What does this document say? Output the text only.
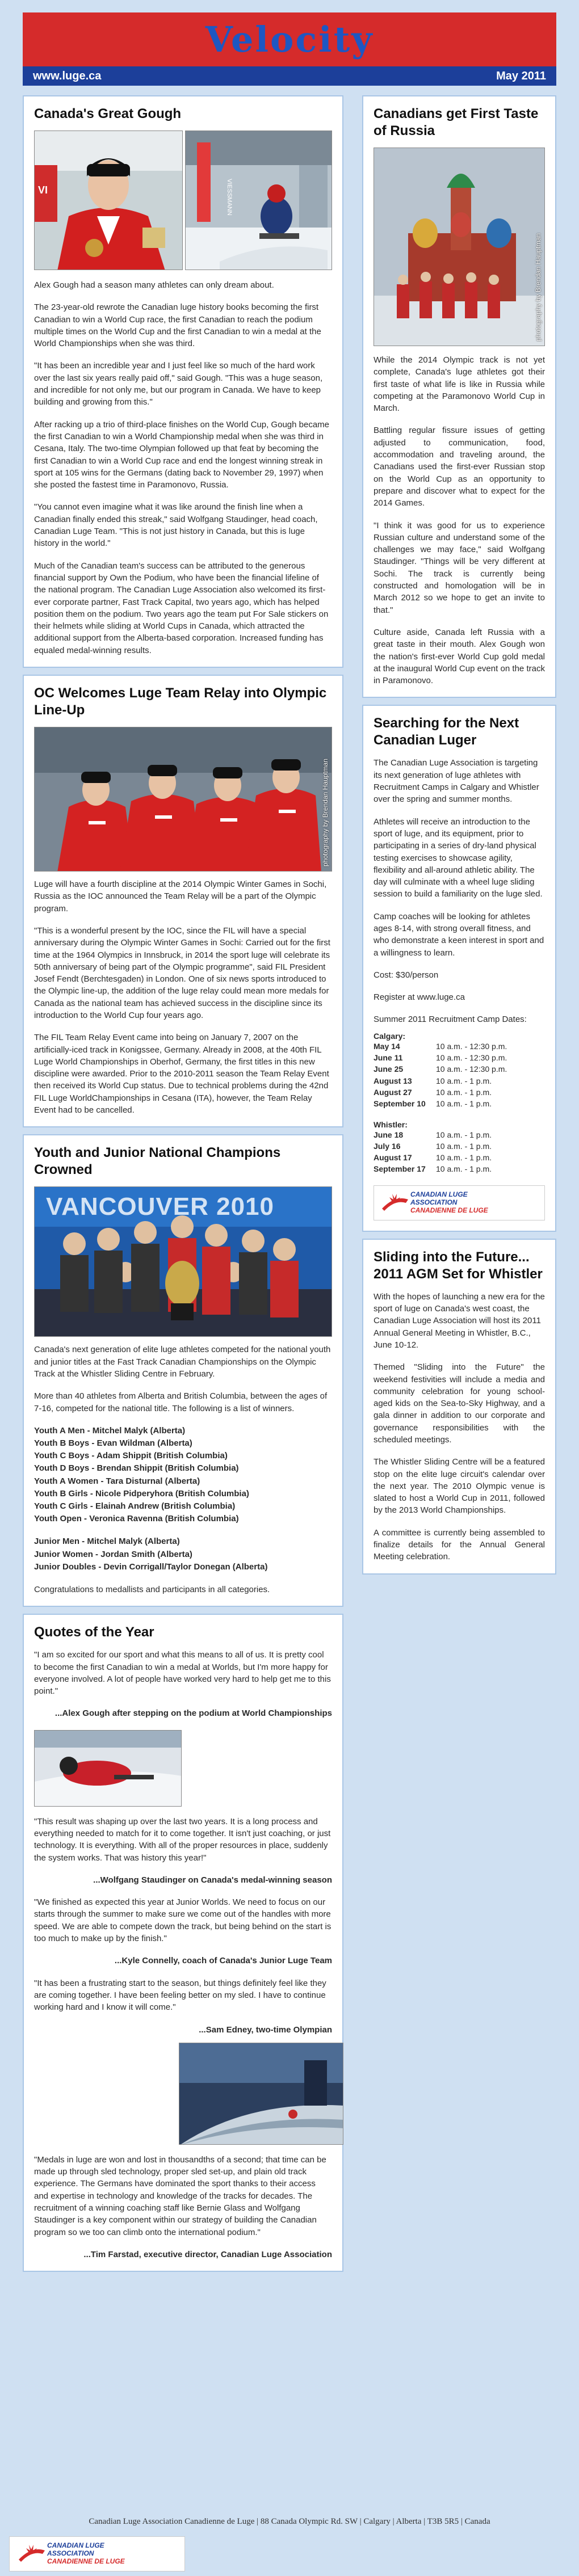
Velocity
www.luge.ca	May 2011
Canada's Great Gough
VI	VIESSMANN

Alex Gough had a season many athletes can only dream about.

The 23-year-old rewrote the Canadian luge history books becoming the first Canadian to win a World Cup race, the first Canadian to reach the podium multiple times on the World Cup and the first Canadian to win a medal at the World Championships when she was third.

"It has been an incredible year and I just feel like so much of the hard work over the last six years really paid off," said Gough. "This was a huge season, and incredible for not only me, but our program in Canada. We have to keep building and growing from this."

After racking up a trio of third-place finishes on the World Cup, Gough became the first Canadian to win a World Championship medal when she was third in Cesana, Italy. The two-time Olympian followed up that feat by becoming the first Canadian to win a World Cup race and end the longest winning streak in sport at 105 wins for the Germans (dating back to November 29, 1997) when she posted the fastest time in Paramonovo, Russia.

"You cannot even imagine what it was like around the finish line when a Canadian finally ended this streak," said Wolfgang Staudinger, head coach, Canadian Luge Team. "This is not just history in Canada, but this is luge history in the world."

Much of the Canadian team's success can be attributed to the generous financial support by Own the Podium, who have been the financial lifeline of the national program. The Canadian Luge Association also welcomed its first-ever corporate partner, Fast Track Capital, two years ago, which has helped position them on the podium. Two years ago the team put For Sale stickers on their helmets while sliding at World Cups in Canada, which attracted the additional support from the Alberta-based corporation. Increased funding has equaled medal-winning results.

OC Welcomes Luge Team Relay into Olympic Line-Up
photography by Brendan Hauptman

Luge will have a fourth discipline at the 2014 Olympic Winter Games in Sochi, Russia as the IOC announced the Team Relay will be a part of the Olympic program.

"This is a wonderful present by the IOC, since the FIL will have a special anniversary during the Olympic Winter Games in Sochi: Carried out for the first time at the 1964 Olympics in Innsbruck, in 2014 the sport luge will celebrate its 50th anniversary of being part of the Olympic programme", said FIL President Josef Fendt (Berchtesgaden) in London. One of six news sports introduced to the Olympic line-up, the addition of the luge relay could mean more medals for Canada as the national team has achieved success in the discipline since its introduction to the World Cup four years ago.

The FIL Team Relay Event came into being on January 7, 2007 on the artificially-iced track in Konigssee, Germany. Already in 2008, at the 40th FIL Luge World Championships in Oberhof, Germany, the first titles in this new discipline were awarded. Prior to the 2010-2011 season the Team Relay Event then received its World Cup status. Due to technical problems during the 42nd FIL Luge WorldChampionships in Cesana (ITA), however, the Team Relay Event had to be cancelled.

Youth and Junior National Champions Crowned
VANCOUVER 2010

Canada's next generation of elite luge athletes competed for the national youth and junior titles at the Fast Track Canadian Championships on the Olympic Track at the Whistler Sliding Centre in February.

More than 40 athletes from Alberta and British Columbia, between the ages of 7-16, competed for the national title. The following is a list of winners.

Youth A Men - Mitchel Malyk (Alberta)
Youth B Boys - Evan Wildman (Alberta)
Youth C Boys - Adam Shippit (British Columbia)
Youth D Boys - Brendan Shippit (British Columbia)
Youth A Women - Tara Disturnal (Alberta)
Youth B Girls - Nicole Pidperyhora (British Columbia)
Youth C Girls - Elainah Andrew (British Columbia)
Youth Open - Veronica Ravenna (British Columbia)
Junior Men - Mitchel Malyk (Alberta)
Junior Women - Jordan Smith (Alberta)
Junior Doubles - Devin Corrigall/Taylor Donegan (Alberta)

Congratulations to medallists and participants in all categories.

Quotes of the Year

"I am so excited for our sport and what this means to all of us. It is pretty cool to become the first Canadian to win a medal at Worlds, but I'm more happy for everyone involved. A lot of people have worked very hard to help get me to this point."

...Alex Gough after stepping on the podium at World Championships

"This result was shaping up over the last two years. It is a long process and everything needed to match for it to come together. It isn't just coaching, or just technology. It is everything. With all of the proper resources in place, suddenly the system works. That was history this year!"

...Wolfgang Staudinger on Canada's medal-winning season

"We finished as expected this year at Junior Worlds. We need to focus on our starts through the summer to make sure we come out of the handles with more speed. We are able to compete down the track, but being behind on the start is too much to make up by the finish."

...Kyle Connelly, coach of Canada's Junior Luge Team

"It has been a frustrating start to the season, but things definitely feel like they are coming together. I have been feeling better on my sled. I have to continue working hard and I know it will come."

...Sam Edney, two-time Olympian

"Medals in luge are won and lost in thousandths of a second; that time can be made up through sled technology, proper sled set-up, and plain old track experience. The Germans have dominated the sport thanks to their access and expertise in technology and knowledge of the tracks for decades. The recruitment of a winning coaching staff like Bernie Glass and Wolfgang Staudinger is a key component within our strategy of building the Canadian program so we too can climb onto the international podium."

...Tim Farstad, executive director, Canadian Luge Association

Canadians get First Taste of Russia
photography by Brendan Hauptman

While the 2014 Olympic track is not yet complete, Canada's luge athletes got their first taste of what life is like in Russia while competing at the Paramonovo World Cup in March.

Battling regular fissure issues of getting adjusted to communication, food, accommodation and traveling around, the Canadians used the first-ever Russian stop on the World Cup as an opportunity to prepare and discover what to expect for the 2014 Games.

"I think it was good for us to experience Russian culture and understand some of the challenges we may face," said Wolfgang Staudinger. "Things will be very different at Sochi. The track is currently being constructed and homologation will be in March 2012 so we hope to get an invite to that."

Culture aside, Canada left Russia with a great taste in their mouth. Alex Gough won the nation's first-ever World Cup gold medal at the inaugural World Cup event on the track in Paramonovo.

Searching for the Next Canadian Luger

The Canadian Luge Association is targeting its next generation of luge athletes with Recruitment Camps in Calgary and Whistler over the spring and summer months.

Athletes will receive an introduction to the sport of luge, and its equipment, prior to participating in a series of dry-land physical testing exercises to showcase agility, flexibility and all-around athletic ability. The day will culminate with a wheel luge sliding session to build a familiarity on the luge sled.

Camp coaches will be looking for athletes ages 8-14, with strong overall fitness, and who demonstrate a keen interest in sport and a willingness to learn.

Cost: $30/person

Register at www.luge.ca

Summer 2011 Recruitment Camp Dates:

Calgary:
May 14	10 a.m. - 12:30 p.m.
June 11	10 a.m. - 12:30 p.m.
June 25	10 a.m. - 12:30 p.m.
August 13	10 a.m. - 1 p.m.
August 27	10 a.m. - 1 p.m.
September 10	10 a.m. - 1 p.m.
Whistler:
June 18	10 a.m. - 1 p.m.
July 16	10 a.m. - 1 p.m.
August 17	10 a.m. - 1 p.m.
September 17	10 a.m. - 1 p.m.
CANADIAN LUGE
ASSOCIATION
CANADIENNE DE LUGE
Sliding into the Future... 2011 AGM Set for Whistler

With the hopes of launching a new era for the sport of luge on Canada's west coast, the Canadian Luge Association will host its 2011 Annual General Meeting in Whistler, B.C., June 10-12.

Themed "Sliding into the Future" the weekend festivities will include a media and community celebration for young school-aged kids on the Sea-to-Sky Highway, and a gala dinner in addition to our corporate and governance responsibilities with the scheduled meetings.

The Whistler Sliding Centre will be a featured stop on the elite luge circuit's calendar over the next year. The 2010 Olympic venue is slated to host a World Cup in 2011, followed by the 2013 World Championships.

A committee is currently being assembled to finalize details for the Annual General Meeting celebration.

Canadian Luge Association Canadienne de Luge | 88 Canada Olympic Rd. SW | Calgary | Alberta | T3B 5R5 | Canada
CANADIAN LUGE
ASSOCIATION
CANADIENNE DE LUGE
